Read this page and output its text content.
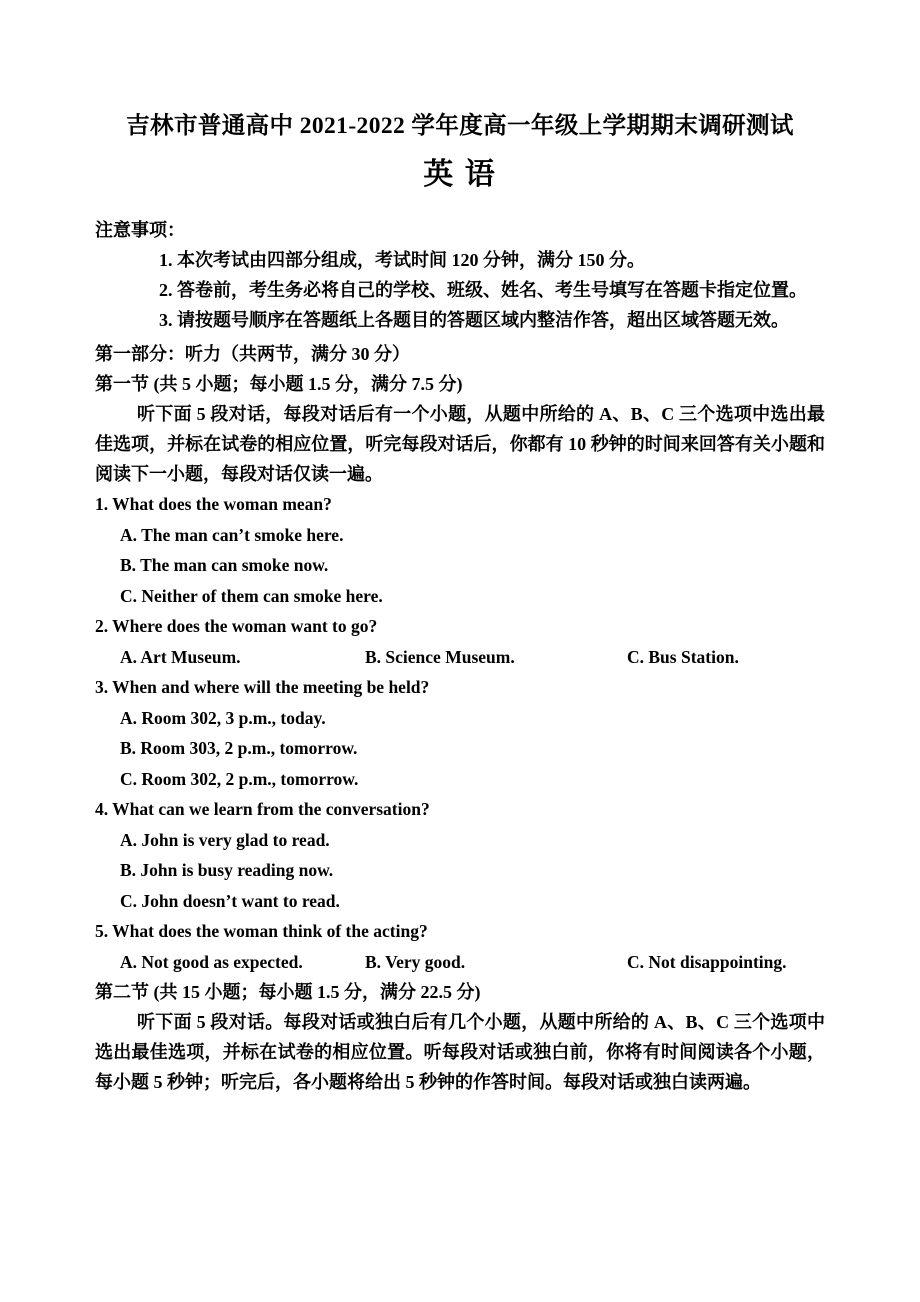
吉林市普通高中 2021-2022 学年度高一年级上学期期末调研测试
英 语
注意事项：
1. 本次考试由四部分组成，考试时间 120 分钟，满分 150 分。
2. 答卷前，考生务必将自己的学校、班级、姓名、考生号填写在答题卡指定位置。
3. 请按题号顺序在答题纸上各题目的答题区域内整洁作答，超出区域答题无效。
第一部分：听力（共两节，满分 30 分）
第一节 (共 5 小题；每小题 1.5 分，满分 7.5 分)
听下面 5 段对话，每段对话后有一个小题，从题中所给的 A、B、C 三个选项中选出最佳选项，并标在试卷的相应位置，听完每段对话后，你都有 10 秒钟的时间来回答有关小题和阅读下一小题，每段对话仅读一遍。
1. What does the woman mean?
A. The man can’t smoke here.
B. The man can smoke now.
C. Neither of them can smoke here.
2. Where does the woman want to go?
A. Art Museum.	B. Science Museum.	C. Bus Station.
3. When and where will the meeting be held?
A. Room 302, 3 p.m., today.
B. Room 303, 2 p.m., tomorrow.
C. Room 302, 2 p.m., tomorrow.
4. What can we learn from the conversation?
A. John is very glad to read.
B. John is busy reading now.
C. John doesn’t want to read.
5. What does the woman think of the acting?
A. Not good as expected.	B. Very good.	C. Not disappointing.
第二节 (共 15 小题；每小题 1.5 分，满分 22.5 分)
听下面 5 段对话。每段对话或独白后有几个小题，从题中所给的 A、B、C 三个选项中选出最佳选项，并标在试卷的相应位置。听每段对话或独白前，你将有时间阅读各个小题，每小题 5 秒钟；听完后，各小题将给出 5 秒钟的作答时间。每段对话或独白读两遍。
